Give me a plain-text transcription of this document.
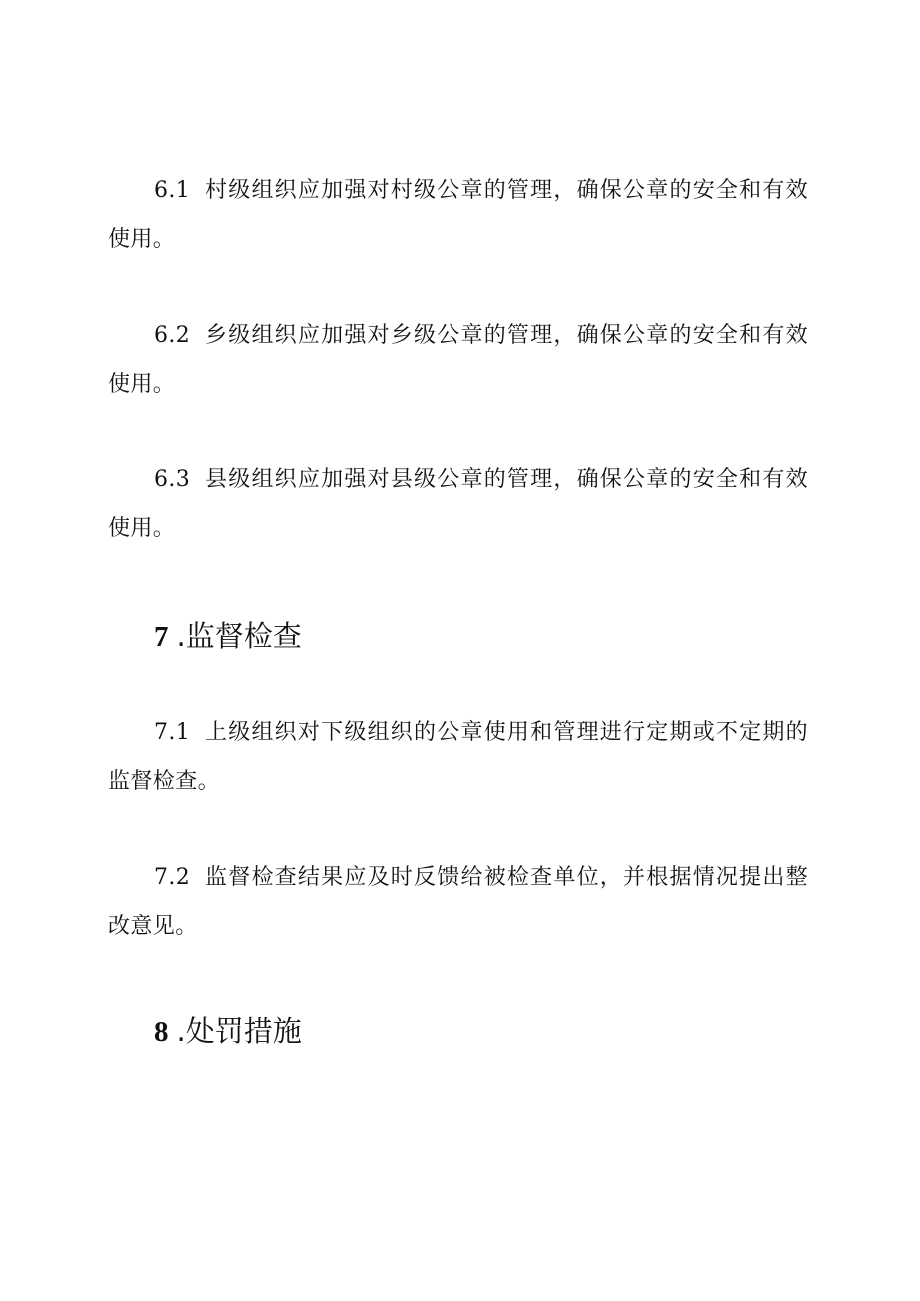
6.1 村级组织应加强对村级公章的管理，确保公章的安全和有效使用。

6.2 乡级组织应加强对乡级公章的管理，确保公章的安全和有效使用。

6.3 县级组织应加强对县级公章的管理，确保公章的安全和有效使用。

7 .监督检查

7.1 上级组织对下级组织的公章使用和管理进行定期或不定期的监督检查。

7.2 监督检查结果应及时反馈给被检查单位，并根据情况提出整改意见。

8 .处罚措施
